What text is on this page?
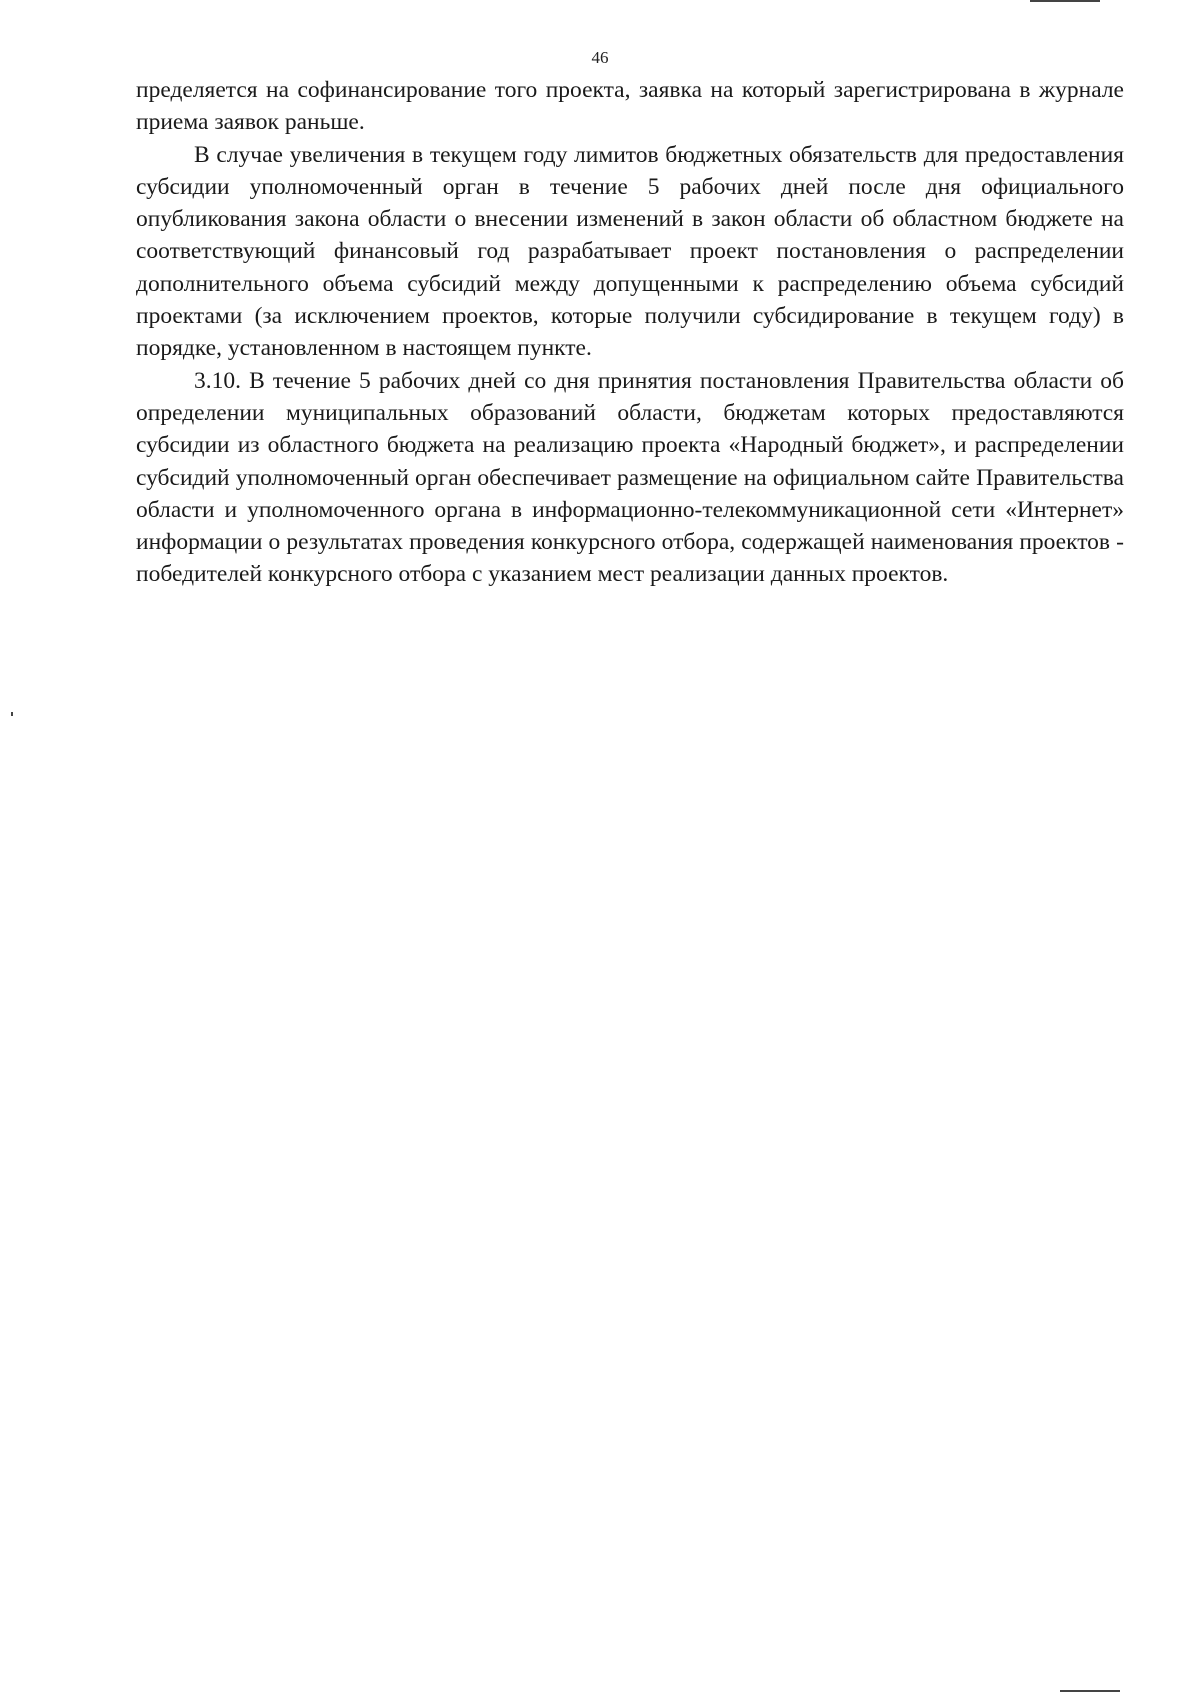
46

пределяется на софинансирование того проекта, заявка на который зарегистрирована в журнале приема заявок раньше.

В случае увеличения в текущем году лимитов бюджетных обязательств для предоставления субсидии уполномоченный орган в течение 5 рабочих дней после дня официального опубликования закона области о внесении изменений в закон области об областном бюджете на соответствующий финансовый год разрабатывает проект постановления о распределении дополнительного объема субсидий между допущенными к распределению объема субсидий проектами (за исключением проектов, которые получили субсидирование в текущем году) в порядке, установленном в настоящем пункте.

3.10. В течение 5 рабочих дней со дня принятия постановления Правительства области об определении муниципальных образований области, бюджетам которых предоставляются субсидии из областного бюджета на реализацию проекта «Народный бюджет», и распределении субсидий уполномоченный орган обеспечивает размещение на официальном сайте Правительства области и уполномоченного органа в информационно-телекоммуникационной сети «Интернет» информации о результатах проведения конкурсного отбора, содержащей наименования проектов - победителей конкурсного отбора с указанием мест реализации данных проектов.
